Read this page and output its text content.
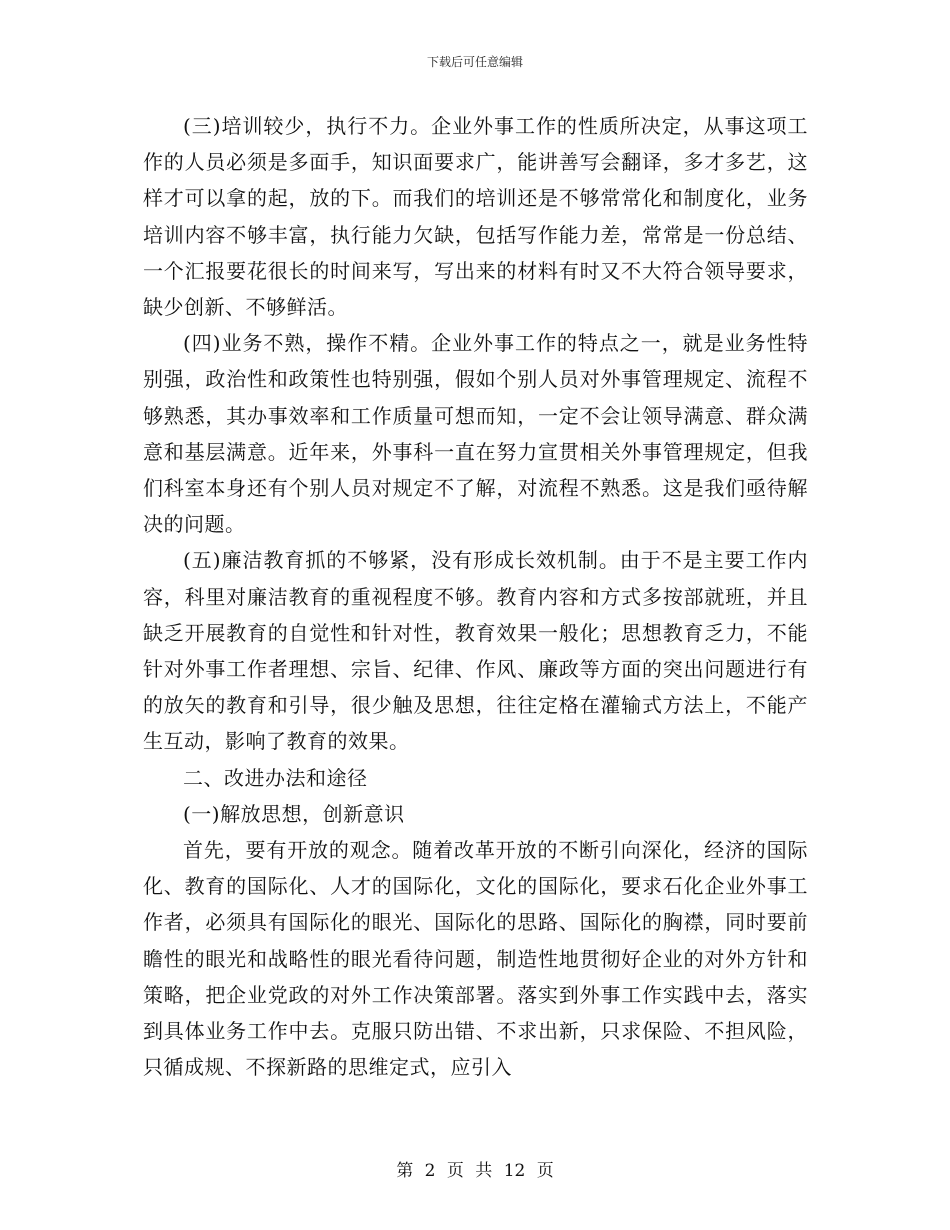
下载后可任意编辑

(三)培训较少，执行不力。企业外事工作的性质所决定，从事这项工作的人员必须是多面手，知识面要求广，能讲善写会翻译，多才多艺，这样才可以拿的起，放的下。而我们的培训还是不够常常化和制度化，业务培训内容不够丰富，执行能力欠缺，包括写作能力差，常常是一份总结、一个汇报要花很长的时间来写，写出来的材料有时又不大符合领导要求，缺少创新、不够鲜活。

(四)业务不熟，操作不精。企业外事工作的特点之一，就是业务性特别强，政治性和政策性也特别强，假如个别人员对外事管理规定、流程不够熟悉，其办事效率和工作质量可想而知，一定不会让领导满意、群众满意和基层满意。近年来，外事科一直在努力宣贯相关外事管理规定，但我们科室本身还有个别人员对规定不了解，对流程不熟悉。这是我们亟待解决的问题。

(五)廉洁教育抓的不够紧，没有形成长效机制。由于不是主要工作内容，科里对廉洁教育的重视程度不够。教育内容和方式多按部就班，并且缺乏开展教育的自觉性和针对性，教育效果一般化；思想教育乏力，不能针对外事工作者理想、宗旨、纪律、作风、廉政等方面的突出问题进行有的放矢的教育和引导，很少触及思想，往往定格在灌输式方法上，不能产生互动，影响了教育的效果。

二、改进办法和途径

(一)解放思想，创新意识

首先，要有开放的观念。随着改革开放的不断引向深化，经济的国际化、教育的国际化、人才的国际化，文化的国际化，要求石化企业外事工作者，必须具有国际化的眼光、国际化的思路、国际化的胸襟，同时要前瞻性的眼光和战略性的眼光看待问题，制造性地贯彻好企业的对外方针和策略，把企业党政的对外工作决策部署。落实到外事工作实践中去，落实到具体业务工作中去。克服只防出错、不求出新，只求保险、不担风险，只循成规、不探新路的思维定式，应引入

第 2 页 共 12 页
